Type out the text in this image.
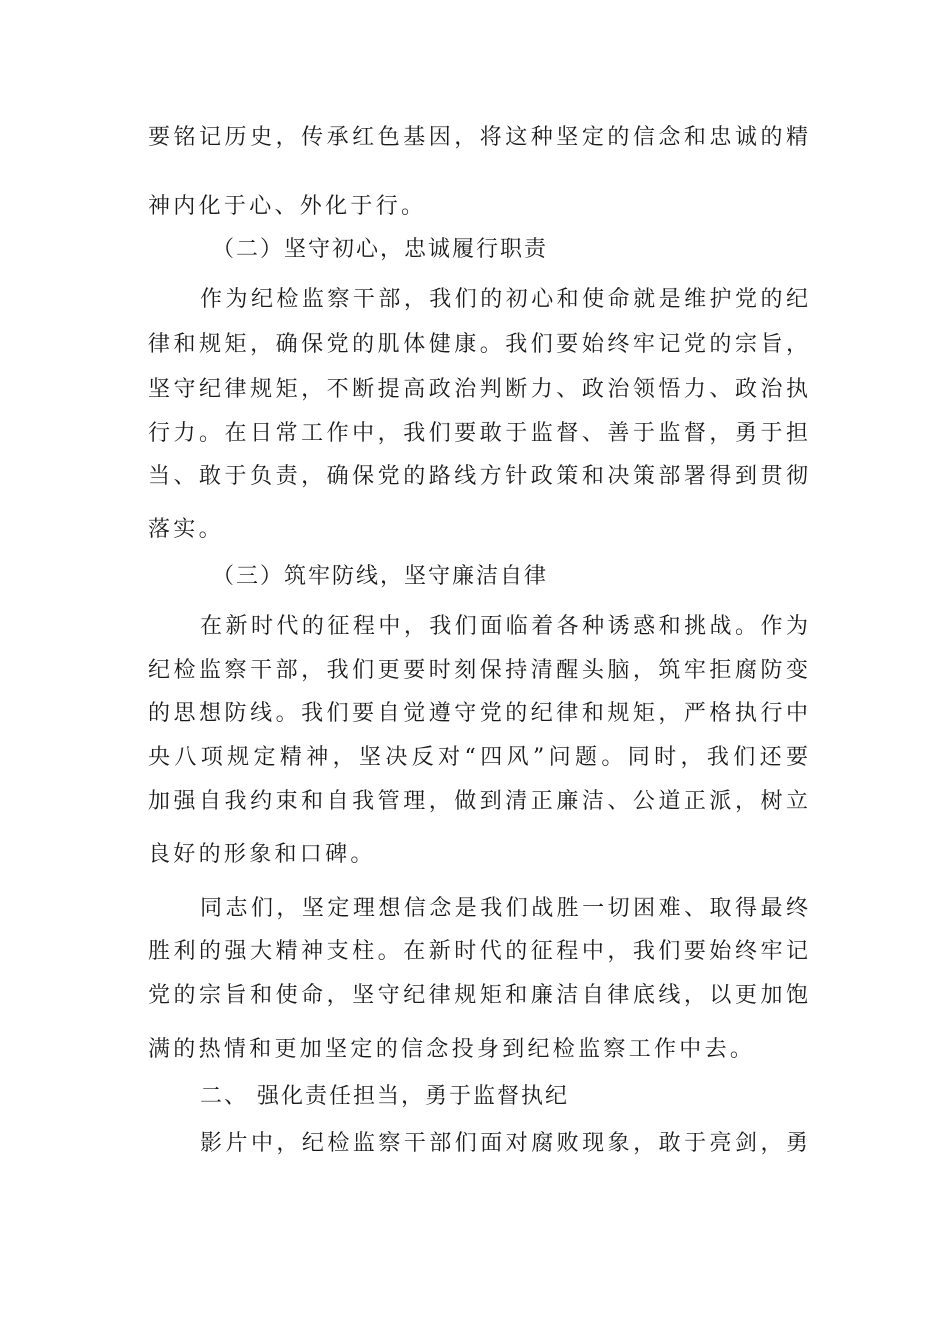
要铭记历史，传承红色基因，将这种坚定的信念和忠诚的精
神内化于心、外化于行。
（二）坚守初心，忠诚履行职责
作为纪检监察干部，我们的初心和使命就是维护党的纪
律和规矩，确保党的肌体健康。我们要始终牢记党的宗旨，
坚守纪律规矩，不断提高政治判断力、政治领悟力、政治执
行力。在日常工作中，我们要敢于监督、善于监督，勇于担
当、敢于负责，确保党的路线方针政策和决策部署得到贯彻
落实。
（三）筑牢防线，坚守廉洁自律
在新时代的征程中，我们面临着各种诱惑和挑战。作为
纪检监察干部，我们更要时刻保持清醒头脑，筑牢拒腐防变
的思想防线。我们要自觉遵守党的纪律和规矩，严格执行中
央八项规定精神，坚决反对“四风”问题。同时，我们还要
加强自我约束和自我管理，做到清正廉洁、公道正派，树立
良好的形象和口碑。
同志们，坚定理想信念是我们战胜一切困难、取得最终
胜利的强大精神支柱。在新时代的征程中，我们要始终牢记
党的宗旨和使命，坚守纪律规矩和廉洁自律底线，以更加饱
满的热情和更加坚定的信念投身到纪检监察工作中去。
二、 强化责任担当，勇于监督执纪
影片中，纪检监察干部们面对腐败现象，敢于亮剑，勇
